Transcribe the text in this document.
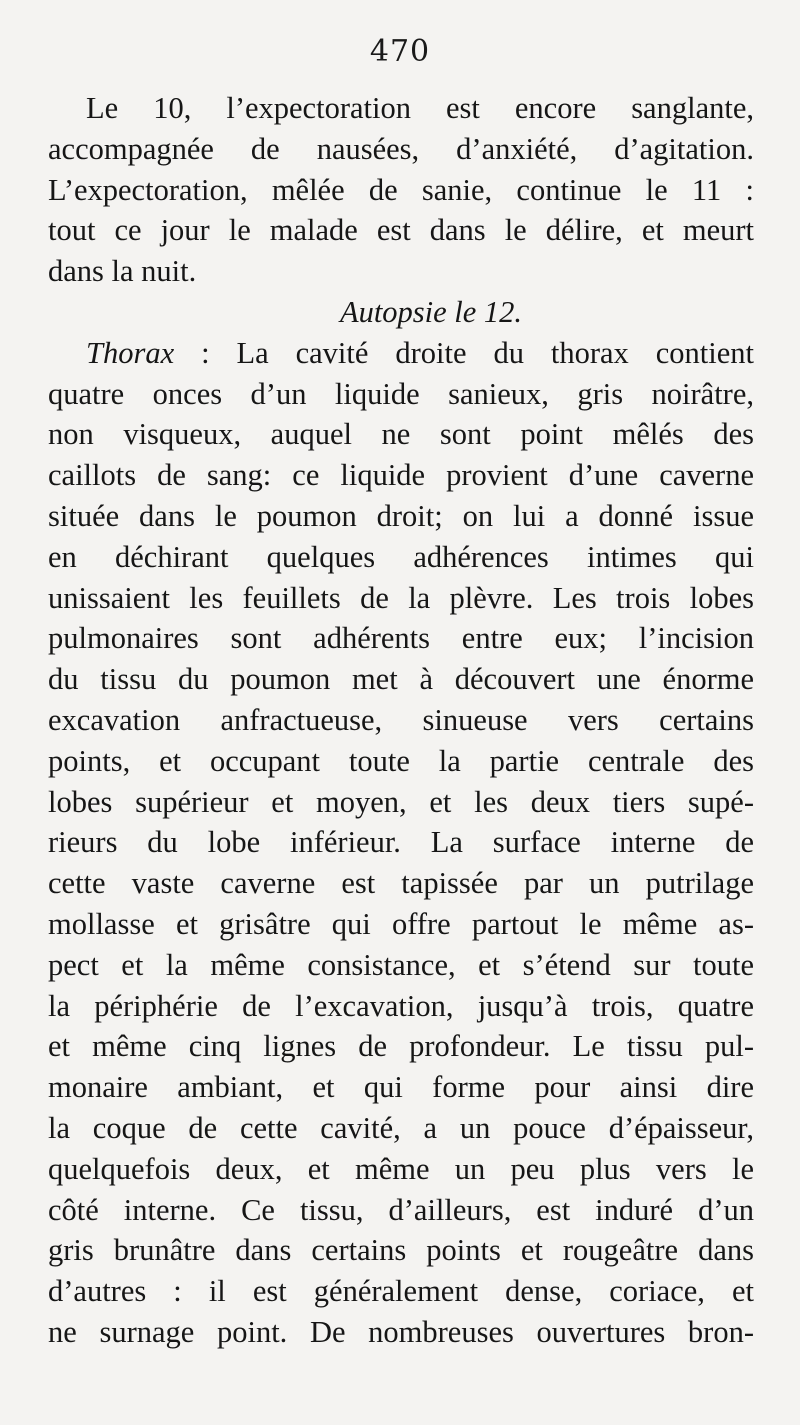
470
Le 10, l’expectoration est encore sanglante,
accompagnée de nausées, d’anxiété, d’agitation.
L’expectoration, mêlée de sanie, continue le 11 :
tout ce jour le malade est dans le délire, et meurt
dans la nuit.
Autopsie le 12.
Thorax : La cavité droite du thorax contient
quatre onces d’un liquide sanieux, gris noirâtre,
non visqueux, auquel ne sont point mêlés des
caillots de sang: ce liquide provient d’une caverne
située dans le poumon droit; on lui a donné issue
en déchirant quelques adhérences intimes qui
unissaient les feuillets de la plèvre. Les trois lobes
pulmonaires sont adhérents entre eux; l’incision
du tissu du poumon met à découvert une énorme
excavation anfractueuse, sinueuse vers certains
points, et occupant toute la partie centrale des
lobes supérieur et moyen, et les deux tiers supé-
rieurs du lobe inférieur. La surface interne de
cette vaste caverne est tapissée par un putrilage
mollasse et grisâtre qui offre partout le même as-
pect et la même consistance, et s’étend sur toute
la périphérie de l’excavation, jusqu’à trois, quatre
et même cinq lignes de profondeur. Le tissu pul-
monaire ambiant, et qui forme pour ainsi dire
la coque de cette cavité, a un pouce d’épaisseur,
quelquefois deux, et même un peu plus vers le
côté interne. Ce tissu, d’ailleurs, est induré d’un
gris brunâtre dans certains points et rougeâtre dans
d’autres : il est généralement dense, coriace, et
ne surnage point. De nombreuses ouvertures bron-
